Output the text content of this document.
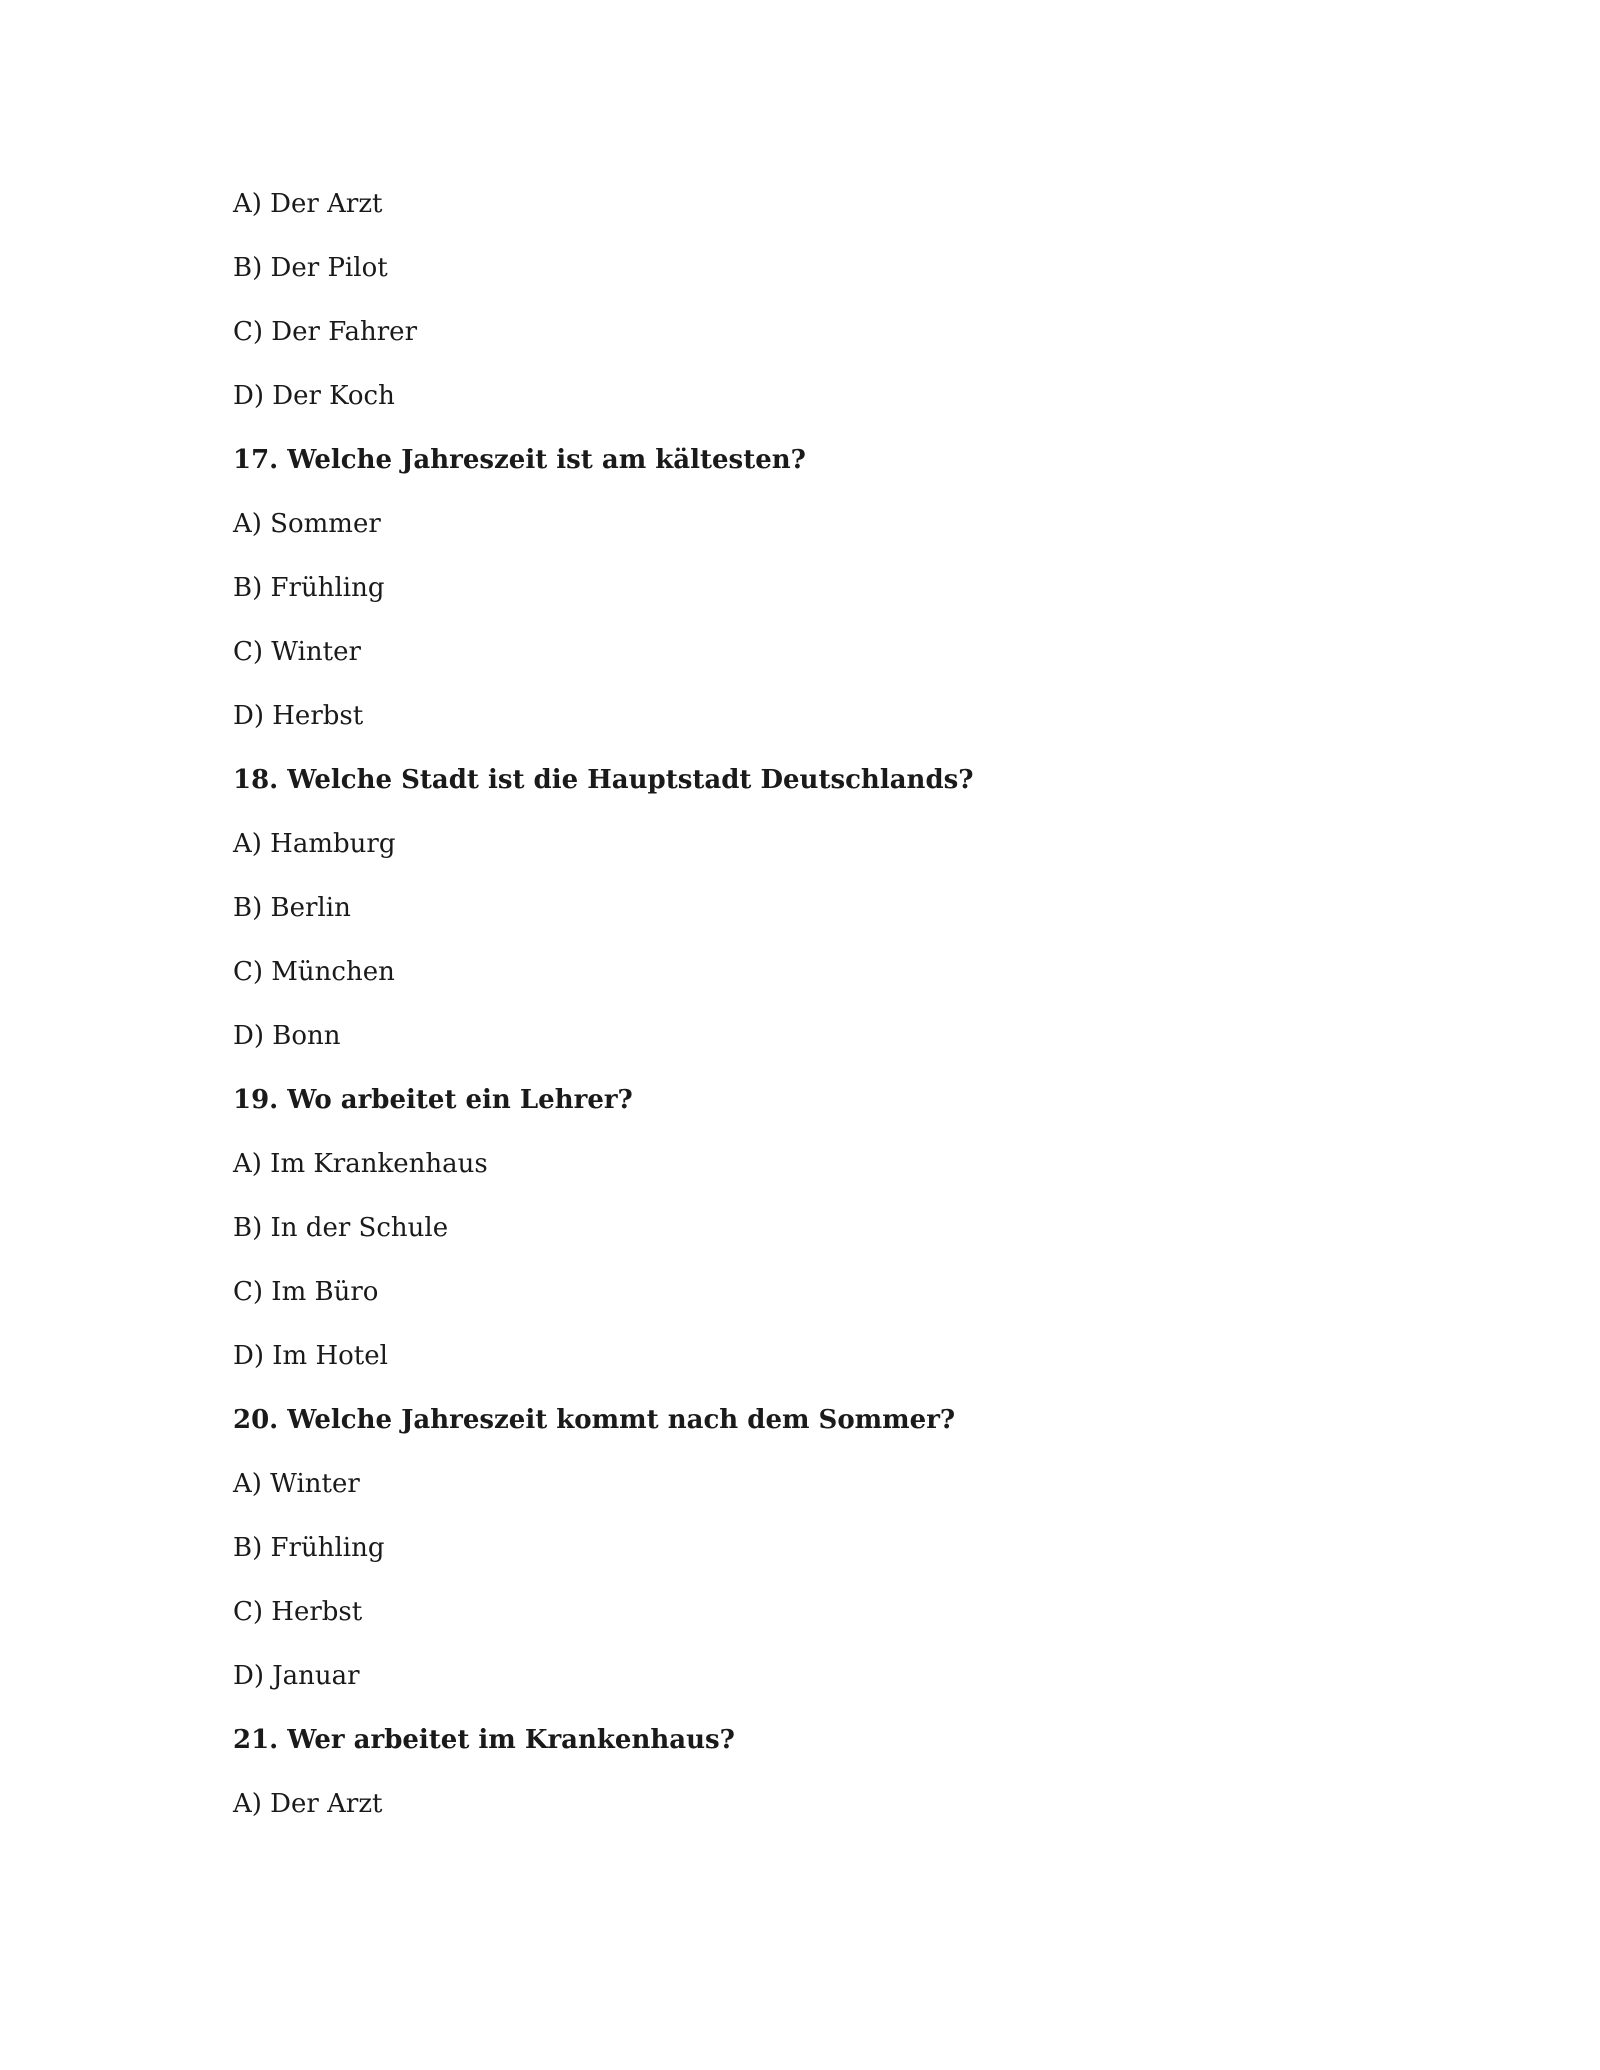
A) Der Arzt
B) Der Pilot
C) Der Fahrer
D) Der Koch
17. Welche Jahreszeit ist am kältesten?
A) Sommer
B) Frühling
C) Winter
D) Herbst
18. Welche Stadt ist die Hauptstadt Deutschlands?
A) Hamburg
B) Berlin
C) München
D) Bonn
19. Wo arbeitet ein Lehrer?
A) Im Krankenhaus
B) In der Schule
C) Im Büro
D) Im Hotel
20. Welche Jahreszeit kommt nach dem Sommer?
A) Winter
B) Frühling
C) Herbst
D) Januar
21. Wer arbeitet im Krankenhaus?
A) Der Arzt
